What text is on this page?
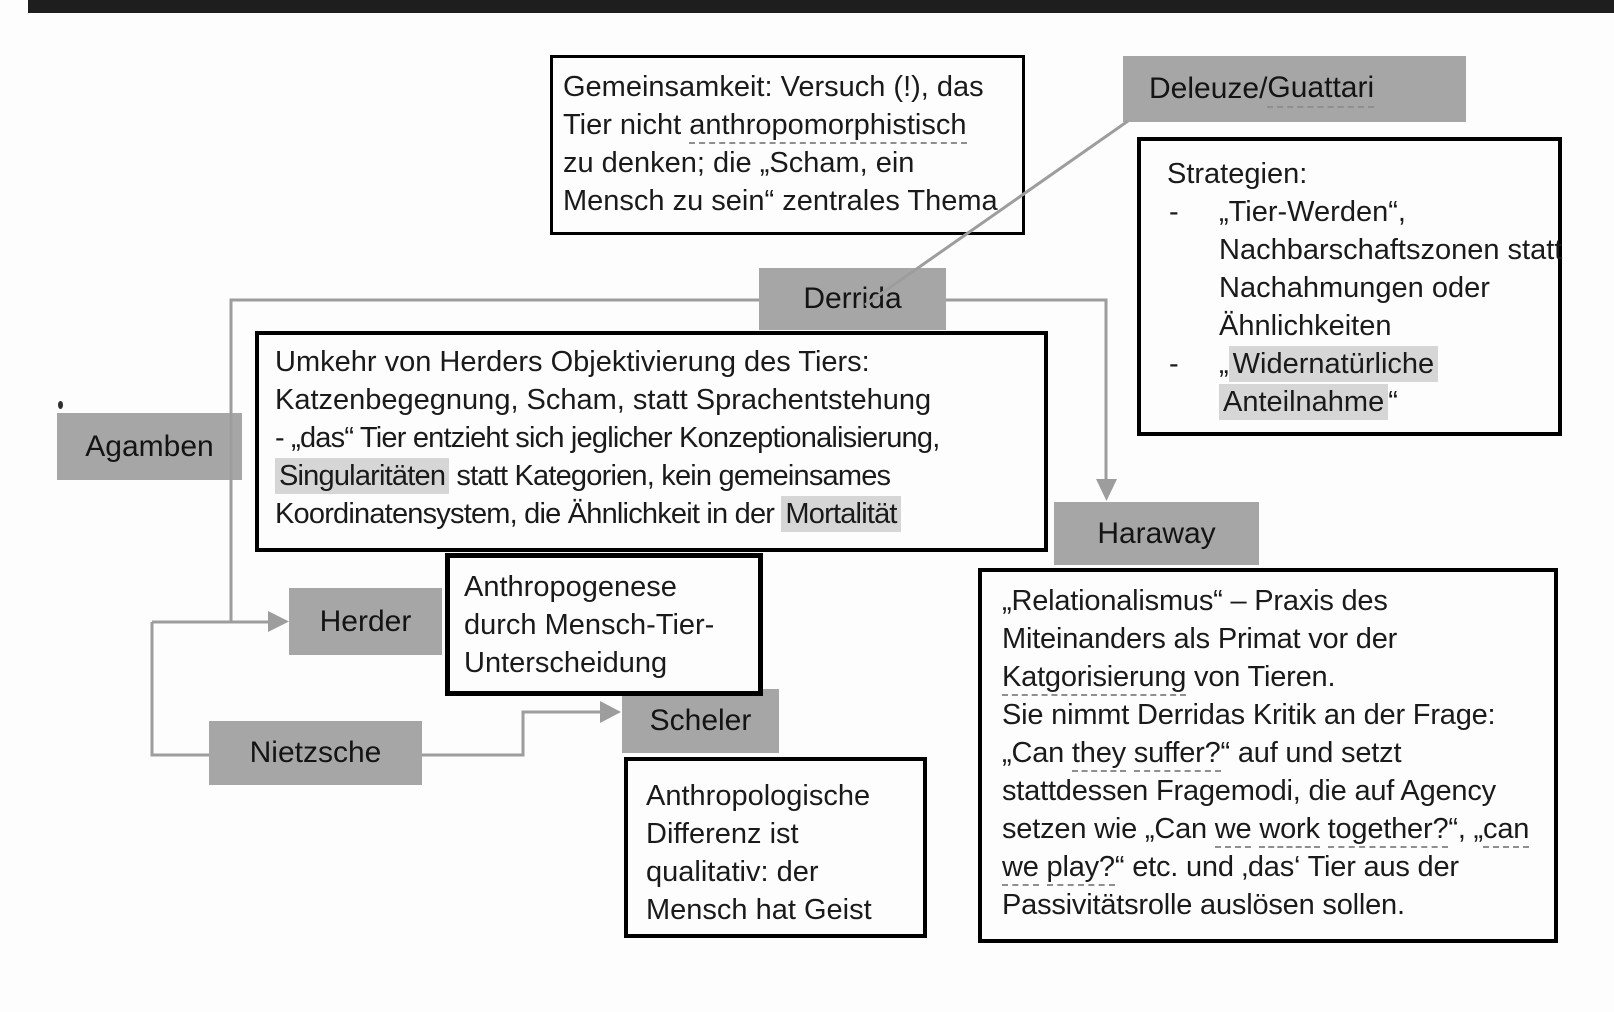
Gemeinsamkeit: Versuch (!), das
Tier nicht anthropomorphistisch
zu denken; die „Scham, ein
Mensch zu sein“ zentrales Thema
Deleuze/ Guattari
Strategien:
- „Tier-Werden“,
Nachbarschaftszonen statt
Nachahmungen oder
Ähnlichkeiten
- „ Widernatürliche
Anteilnahme “
Derrida
Umkehr von Herders Objektivierung des Tiers:
Katzenbegegnung, Scham, statt Sprachentstehung
- „das“ Tier entzieht sich jeglicher Konzeptionalisierung,
Singularitäten statt Kategorien, kein gemeinsames
Koordinatensystem, die Ähnlichkeit in der Mortalität
Agamben
Herder
Anthropogenese
durch Mensch-Tier-
Unterscheidung
Nietzsche
Scheler
Anthropologische
Differenz ist
qualitativ: der
Mensch hat Geist
Haraway
„Relationalismus“ – Praxis des
Miteinanders als Primat vor der
Katgorisierung von Tieren.
Sie nimmt Derridas Kritik an der Frage:
„Can they suffer?“ auf und setzt
stattdessen Fragemodi, die auf Agency
setzen wie „Can we work together?“, „can
we play?“ etc. und ‚das‘ Tier aus der
Passivitätsrolle auslösen sollen.
